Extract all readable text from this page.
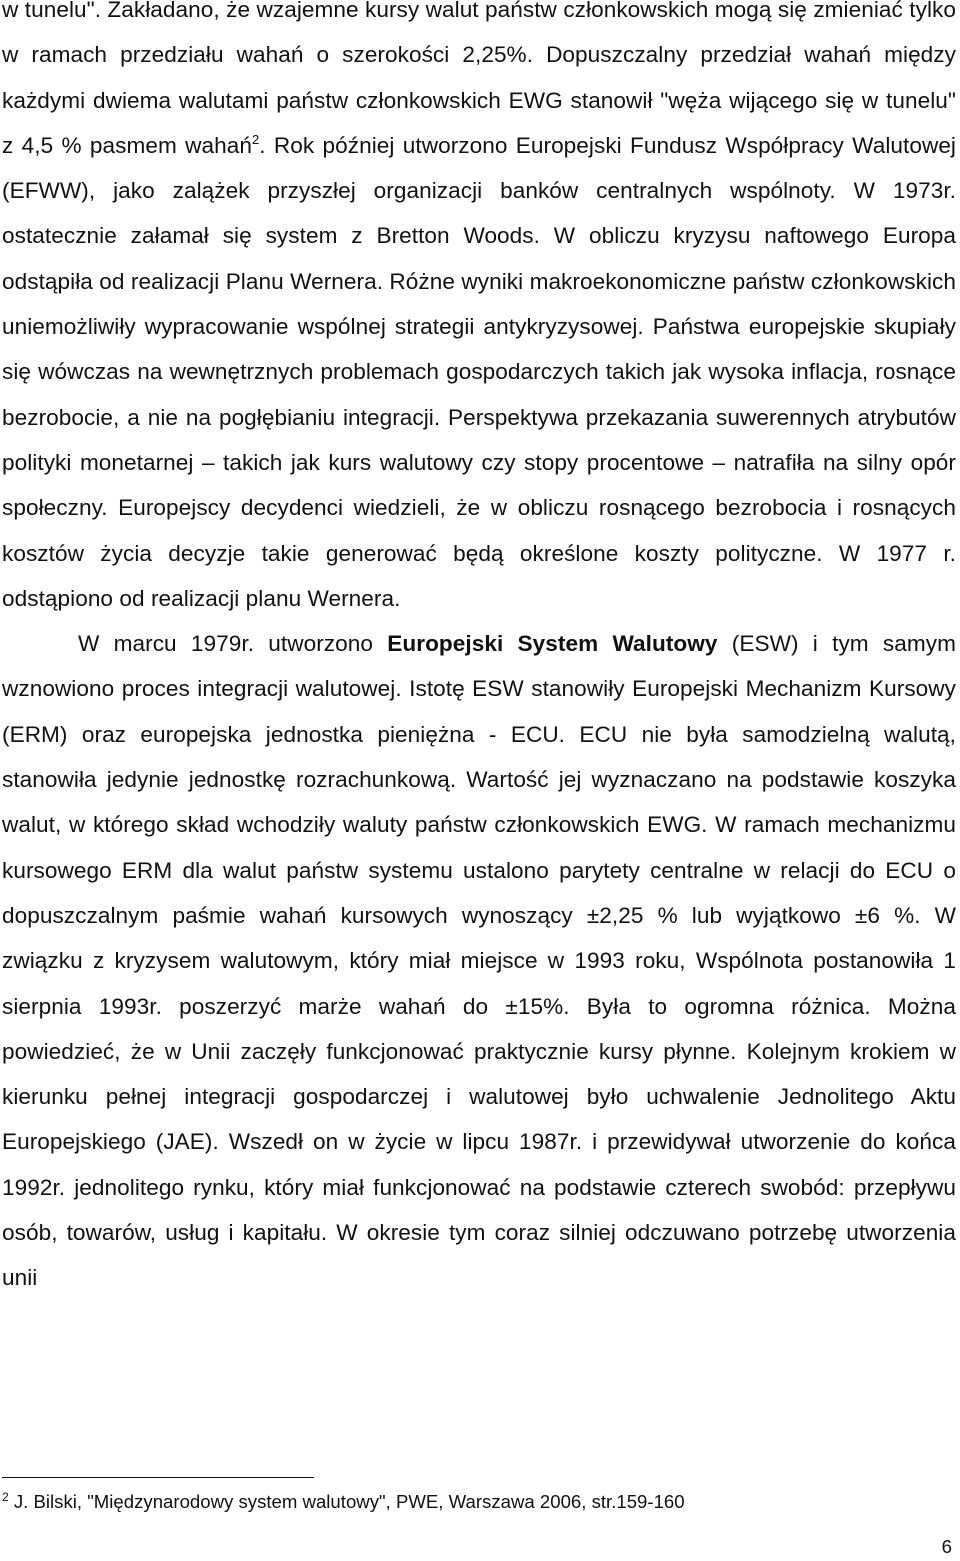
w tunelu". Zakładano, że wzajemne kursy walut państw członkowskich mogą się zmieniać tylko w ramach przedziału wahań o szerokości 2,25%. Dopuszczalny przedział wahań między każdymi dwiema walutami państw członkowskich EWG stanowił "węża wijącego się w tunelu" z 4,5 % pasmem wahań$^2$. Rok później utworzono Europejski Fundusz Współpracy Walutowej (EFWW), jako zalążek przyszłej organizacji banków centralnych wspólnoty. W 1973r. ostatecznie załamał się system z Bretton Woods. W obliczu kryzysu naftowego Europa odstąpiła od realizacji Planu Wernera. Różne wyniki makroekonomiczne państw członkowskich uniemożliwiły wypracowanie wspólnej strategii antykryzysowej. Państwa europejskie skupiały się wówczas na wewnętrznych problemach gospodarczych takich jak wysoka inflacja, rosnące bezrobocie, a nie na pogłębianiu integracji. Perspektywa przekazania suwerennych atrybutów polityki monetarnej – takich jak kurs walutowy czy stopy procentowe – natrafiła na silny opór społeczny. Europejscy decydenci wiedzieli, że w obliczu rosnącego bezrobocia i rosnących kosztów życia decyzje takie generować będą określone koszty polityczne. W 1977 r. odstąpiono od realizacji planu Wernera.

W marcu 1979r. utworzono Europejski System Walutowy (ESW) i tym samym wznowiono proces integracji walutowej. Istotę ESW stanowiły Europejski Mechanizm Kursowy (ERM) oraz europejska jednostka pieniężna - ECU. ECU nie była samodzielną walutą, stanowiła jedynie jednostkę rozrachunkową. Wartość jej wyznaczano na podstawie koszyka walut, w którego skład wchodziły waluty państw członkowskich EWG. W ramach mechanizmu kursowego ERM dla walut państw systemu ustalono parytety centralne w relacji do ECU o dopuszczalnym paśmie wahań kursowych wynoszący ±2,25 % lub wyjątkowo ±6 %. W związku z kryzysem walutowym, który miał miejsce w 1993 roku, Wspólnota postanowiła 1 sierpnia 1993r. poszerzyć marże wahań do ±15%. Była to ogromna różnica. Można powiedzieć, że w Unii zaczęły funkcjonować praktycznie kursy płynne. Kolejnym krokiem w kierunku pełnej integracji gospodarczej i walutowej było uchwalenie Jednolitego Aktu Europejskiego (JAE). Wszedł on w życie w lipcu 1987r. i przewidywał utworzenie do końca 1992r. jednolitego rynku, który miał funkcjonować na podstawie czterech swobód: przepływu osób, towarów, usług i kapitału. W okresie tym coraz silniej odczuwano potrzebę utworzenia unii

$^2$ J. Bilski, "Międzynarodowy system walutowy", PWE, Warszawa 2006, str.159-160
6
